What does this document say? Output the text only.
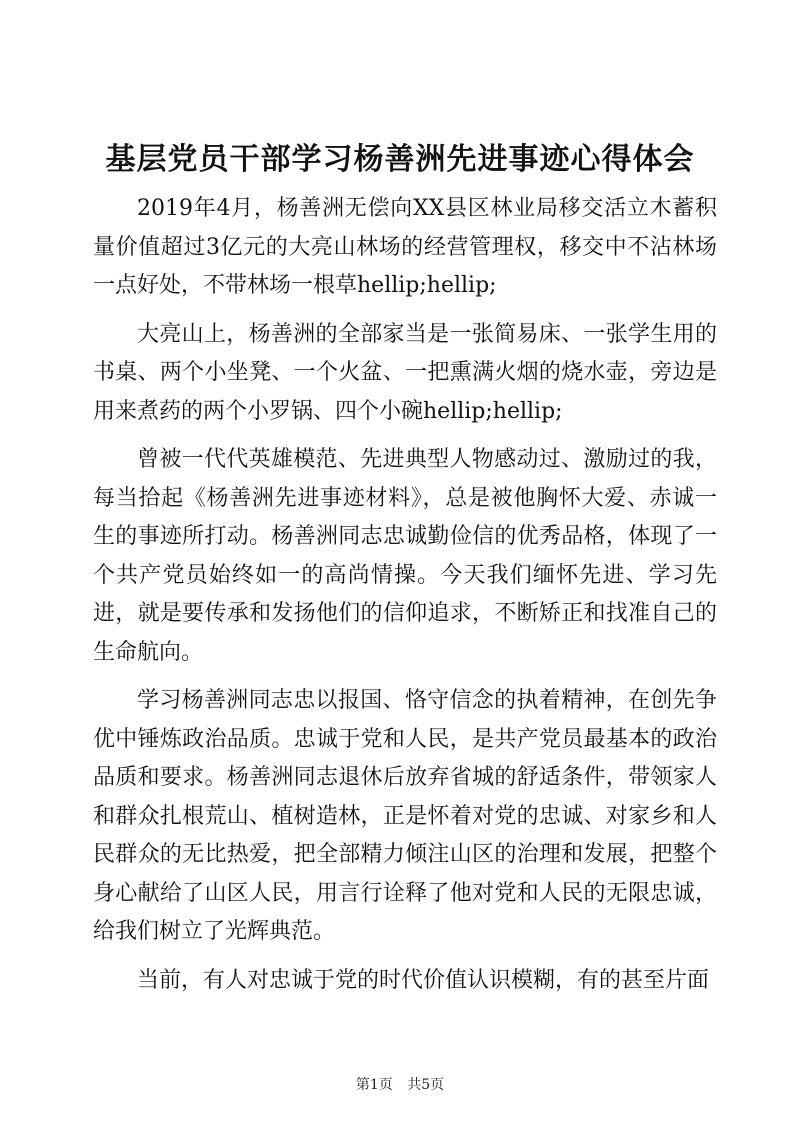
基层党员干部学习杨善洲先进事迹心得体会

2019年4月，杨善洲无偿向XX县区林业局移交活立木蓄积量价值超过3亿元的大亮山林场的经营管理权，移交中不沾林场一点好处，不带林场一根草hellip;hellip;

大亮山上，杨善洲的全部家当是一张简易床、一张学生用的书桌、两个小坐凳、一个火盆、一把熏满火烟的烧水壶，旁边是用来煮药的两个小罗锅、四个小碗hellip;hellip;

曾被一代代英雄模范、先进典型人物感动过、激励过的我，每当拾起《杨善洲先进事迹材料》，总是被他胸怀大爱、赤诚一生的事迹所打动。杨善洲同志忠诚勤俭信的优秀品格，体现了一个共产党员始终如一的高尚情操。今天我们缅怀先进、学习先进，就是要传承和发扬他们的信仰追求，不断矫正和找准自己的生命航向。

学习杨善洲同志忠以报国、恪守信念的执着精神，在创先争优中锤炼政治品质。忠诚于党和人民，是共产党员最基本的政治品质和要求。杨善洲同志退休后放弃省城的舒适条件，带领家人和群众扎根荒山、植树造林，正是怀着对党的忠诚、对家乡和人民群众的无比热爱，把全部精力倾注山区的治理和发展，把整个身心献给了山区人民，用言行诠释了他对党和人民的无限忠诚，给我们树立了光辉典范。

当前，有人对忠诚于党的时代价值认识模糊，有的甚至片面

第1页 共5页
